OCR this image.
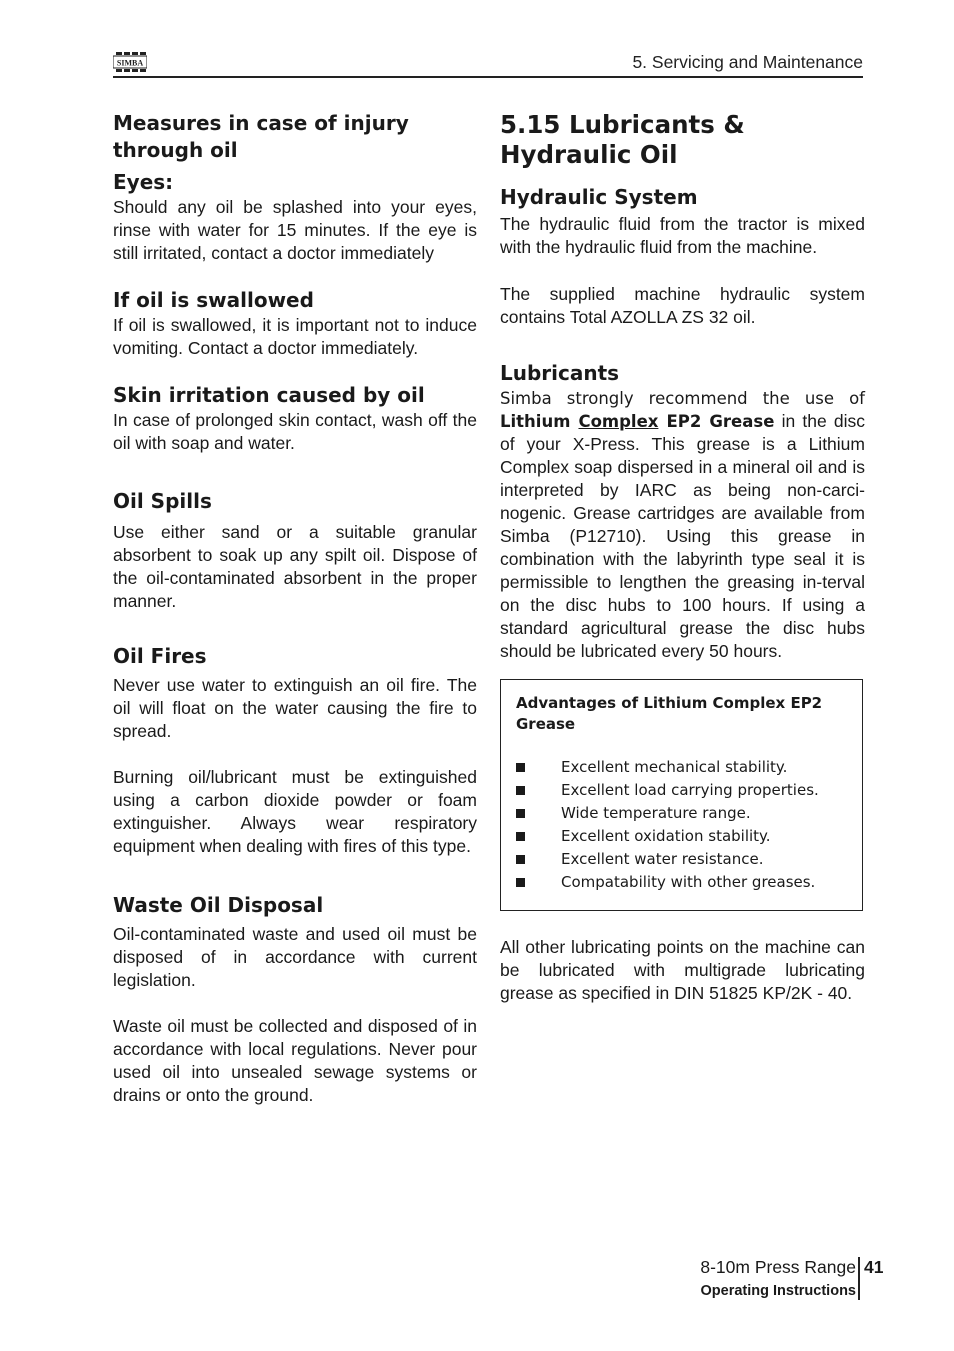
SIMBA	5. Servicing and Maintenance
Measures in case of injury through oil
Eyes:

Should any oil be splashed into your eyes, rinse with water for 15 minutes. If the eye is still irritated, contact a doctor immediately

If oil is swallowed

If oil is swallowed, it is important not to induce vomiting. Contact a doctor immediately.

Skin irritation caused by oil

In case of prolonged skin contact, wash off the oil with soap and water.

Oil Spills

Use either sand or a suitable granular absorbent to soak up any spilt oil. Dispose of the oil-contaminated absorbent in the proper manner.

Oil Fires

Never use water to extinguish an oil fire. The oil will float on the water causing the fire to spread.

Burning oil/lubricant must be extinguished using a carbon dioxide powder or foam extinguisher. Always wear respiratory equipment when dealing with fires of this type.

Waste Oil Disposal

Oil-contaminated waste and used oil must be disposed of in accordance with current legislation.

Waste oil must be collected and disposed of in accordance with local regulations. Never pour used oil into unsealed sewage systems or drains or onto the ground.

5.15 Lubricants & Hydraulic Oil
Hydraulic System

The hydraulic fluid from the tractor is mixed with the hydraulic fluid from the machine.

The supplied machine hydraulic system contains Total AZOLLA ZS 32 oil.

Lubricants

Simba strongly recommend the use of Lithium Complex EP2 Grease in the disc of your X-Press. This grease is a Lithium Complex soap dispersed in a mineral oil and is interpreted by IARC as being non-carci-nogenic. Grease cartridges are available from Simba (P12710). Using this grease in combination with the labyrinth type seal it is permissible to lengthen the greasing in-terval on the disc hubs to 100 hours. If using a standard agricultural grease the disc hubs should be lubricated every 50 hours.

Advantages of Lithium Complex EP2 Grease
Excellent mechanical stability.
Excellent load carrying properties.
Wide temperature range.
Excellent oxidation stability.
Excellent water resistance.
Compatability with other greases.

All other lubricating points on the machine can be lubricated with multigrade lubricating grease as specified in DIN 51825 KP/2K - 40.

8-10m Press Range
Operating Instructions
41
